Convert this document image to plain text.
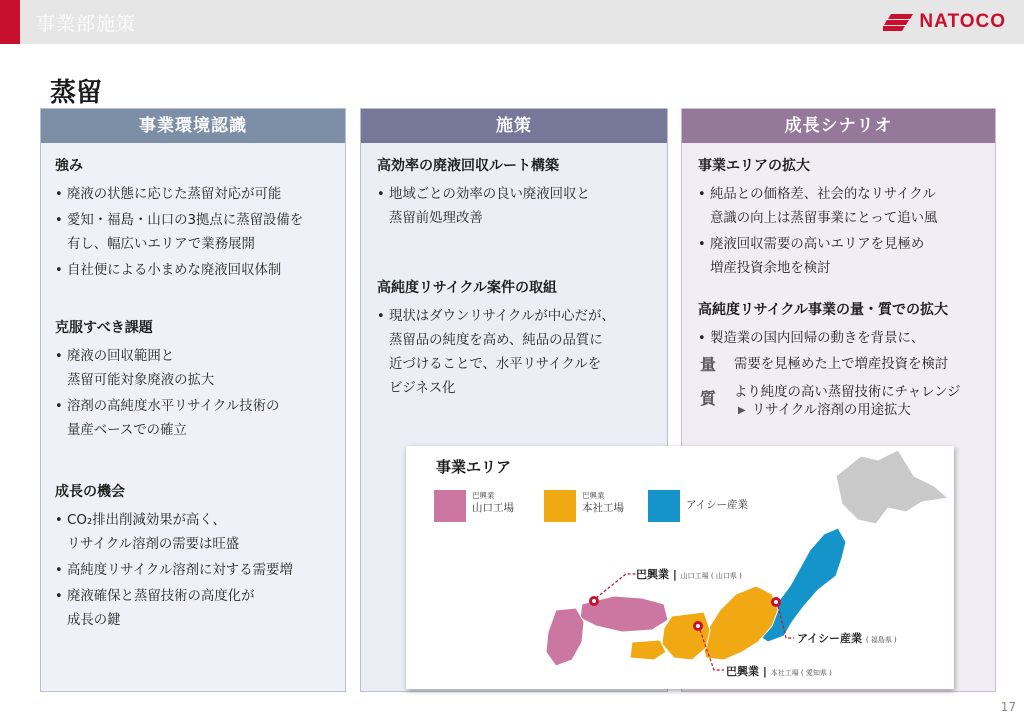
事業部施策	NATOCO
蒸留
事業環境認識
強み
• 廃液の状態に応じた蒸留対応が可能
• 愛知・福島・山口の3拠点に蒸留設備を
有し、幅広いエリアで業務展開
• 自社便による小まめな廃液回収体制
克服すべき課題
• 廃液の回収範囲と
蒸留可能対象廃液の拡大
• 溶剤の高純度水平リサイクル技術の
量産ベースでの確立
成長の機会
• CO₂排出削減効果が高く、
リサイクル溶剤の需要は旺盛
• 高純度リサイクル溶剤に対する需要増
• 廃液確保と蒸留技術の高度化が
成長の鍵
施策
高効率の廃液回収ルート構築
• 地域ごとの効率の良い廃液回収と
蒸留前処理改善
高純度リサイクル案件の取組
• 現状はダウンリサイクルが中心だが、
蒸留品の純度を高め、純品の品質に
近づけることで、水平リサイクルを
ビジネス化
成長シナリオ
事業エリアの拡大
• 純品との価格差、社会的なリサイクル
意識の向上は蒸留事業にとって追い風
• 廃液回収需要の高いエリアを見極め
増産投資余地を検討
高純度リサイクル事業の量・質での拡大
• 製造業の国内回帰の動きを背景に、
量 需要を見極めた上で増産投資を検討
質 より純度の高い蒸留技術にチャレンジ
▶ リサイクル溶剤の用途拡大
事業エリア
巴興業
山口工場
巴興業
本社工場	アイシー産業
巴興業 | 山口工場 ( 山口県 )
巴興業 | 本社工場 ( 愛知県 )
アイシー産業 ( 福島県 )
17
